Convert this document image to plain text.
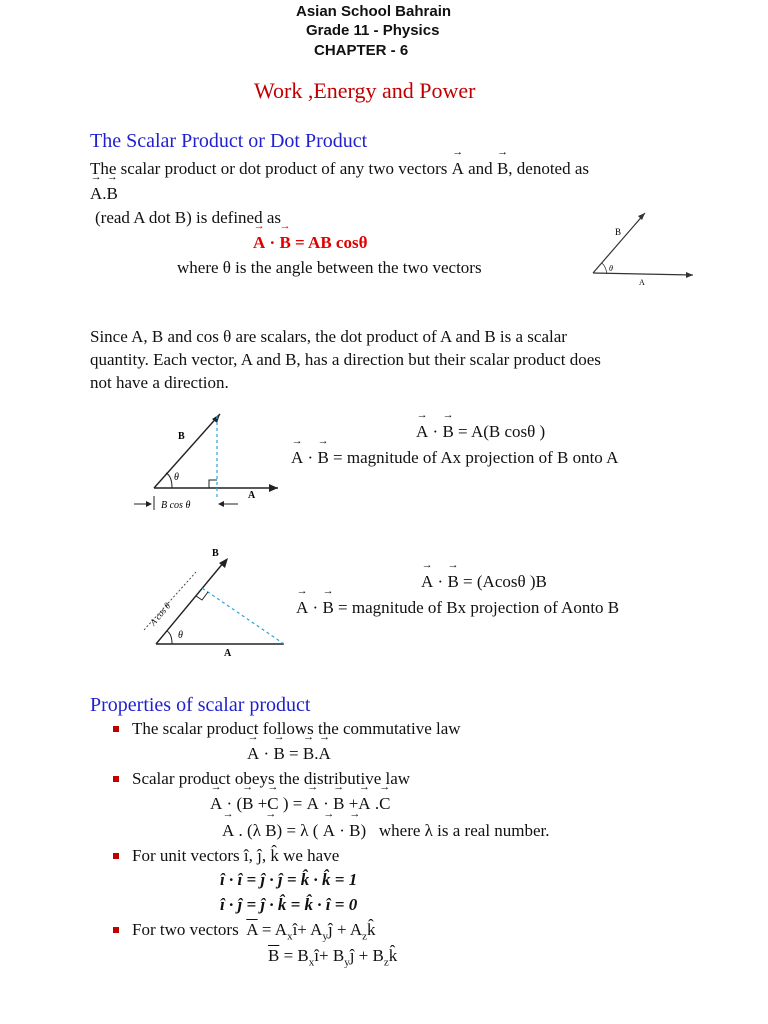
Asian School Bahrain
Grade 11 - Physics
CHAPTER - 6
Work ,Energy and Power
The Scalar Product or Dot Product
The scalar product or dot product of any two vectors → A and → B, denoted as
→ A.→ B
(read A dot B) is defined as
→ A · → B = AB cosθ
where θ is the angle between the two vectors
B
θ
A
Since A, B and cos θ are scalars, the dot product of A and B is a scalar
quantity. Each vector, A and B, has a direction but their scalar product does
not have a direction.
B
θ
A
B cos θ
→ A · → B = A(B cosθ )
→ A · → B = magnitude of Ax projection of B onto A
B
θ
A
A cos θ
→ A · → B = (Acosθ )B
→ A · → B = magnitude of Bx projection of Aonto B
Properties of scalar product
The scalar product follows the commutative law
→ A · → B = → B.→ A
Scalar product obeys the distributive law
→ A · (→ B +→ C ) = → A · → B +→ A .→ C
→ A . (λ → B) = λ ( → A · → B)   where λ is a real number.
For unit vectors î, ĵ, k̂ we have
î · î = ĵ · ĵ = k̂ · k̂ = 1
î · ĵ = ĵ · k̂ = k̂ · î = 0
For two vectors $\overline{A}$ = $A_xî+$ $A_yĵ$ + $A_zk̂$
$\overline{B}$ = $B_xî+$ $B_yĵ$ + $B_zk̂$
